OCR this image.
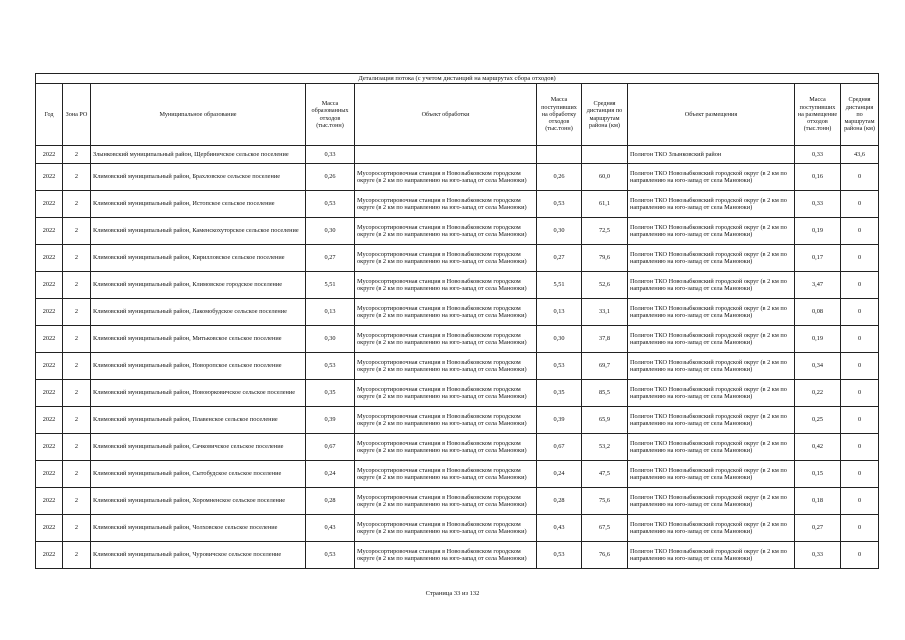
Детализация потока (с учетом дистанций на маршрутах сбора отходов)									
Год	Зона РО	Муниципальное образование	Масса образованных отходов (тыс.тонн)	Объект обработки	Масса поступивших на обработку отходов (тыс.тонн)	Средняя дистанция по маршрутам района (км)	Объект размещения	Масса поступивших на размещение отходов (тыс.тонн)	Средняя дистанция по маршрутам района (км)
2022	2	Злынковский муниципальный район, Щербиничское сельское поселение	0,33				Полигон ТКО Злынковский район	0,33	43,6
2022	2	Климовский муниципальный район, Брахловское сельское поселение	0,26	Мусоросортировочная станция в Новозыбковском городском округе (в 2 км по направлению на юго-запад от села Маноюки)	0,26	60,0	Полигон ТКО Новозыбковский городской округ (в 2 км по направлению на юго-запад от села Маноюки)	0,16	0
2022	2	Климовский муниципальный район, Истопское сельское поселение	0,53	Мусоросортировочная станция в Новозыбковском городском округе (в 2 км по направлению на юго-запад от села Маноюки)	0,53	61,1	Полигон ТКО Новозыбковский городской округ (в 2 км по направлению на юго-запад от села Маноюки)	0,33	0
2022	2	Климовский муниципальный район, Каменскохуторское сельское поселение	0,30	Мусоросортировочная станция в Новозыбковском городском округе (в 2 км по направлению на юго-запад от села Маноюки)	0,30	72,5	Полигон ТКО Новозыбковский городской округ (в 2 км по направлению на юго-запад от села Маноюки)	0,19	0
2022	2	Климовский муниципальный район, Кирилловское сельское поселение	0,27	Мусоросортировочная станция в Новозыбковском городском округе (в 2 км по направлению на юго-запад от села Маноюки)	0,27	79,6	Полигон ТКО Новозыбковский городской округ (в 2 км по направлению на юго-запад от села Маноюки)	0,17	0
2022	2	Климовский муниципальный район, Климовское городское поселение	5,51	Мусоросортировочная станция в Новозыбковском городском округе (в 2 км по направлению на юго-запад от села Маноюки)	5,51	52,6	Полигон ТКО Новозыбковский городской округ (в 2 км по направлению на юго-запад от села Маноюки)	3,47	0
2022	2	Климовский муниципальный район, Лакомобудское сельское поселение	0,13	Мусоросортировочная станция в Новозыбковском городском округе (в 2 км по направлению на юго-запад от села Маноюки)	0,13	33,1	Полигон ТКО Новозыбковский городской округ (в 2 км по направлению на юго-запад от села Маноюки)	0,08	0
2022	2	Климовский муниципальный район, Митьковское сельское поселение	0,30	Мусоросортировочная станция в Новозыбковском городском округе (в 2 км по направлению на юго-запад от села Маноюки)	0,30	37,8	Полигон ТКО Новозыбковский городской округ (в 2 км по направлению на юго-запад от села Маноюки)	0,19	0
2022	2	Климовский муниципальный район, Новоропское сельское поселение	0,53	Мусоросортировочная станция в Новозыбковском городском округе (в 2 км по направлению на юго-запад от села Маноюки)	0,53	69,7	Полигон ТКО Новозыбковский городской округ (в 2 км по направлению на юго-запад от села Маноюки)	0,34	0
2022	2	Климовский муниципальный район, Новоюрковичское сельское поселение	0,35	Мусоросортировочная станция в Новозыбковском городском округе (в 2 км по направлению на юго-запад от села Маноюки)	0,35	85,5	Полигон ТКО Новозыбковский городской округ (в 2 км по направлению на юго-запад от села Маноюки)	0,22	0
2022	2	Климовский муниципальный район, Плавенское сельское поселение	0,39	Мусоросортировочная станция в Новозыбковском городском округе (в 2 км по направлению на юго-запад от села Маноюки)	0,39	65,9	Полигон ТКО Новозыбковский городской округ (в 2 км по направлению на юго-запад от села Маноюки)	0,25	0
2022	2	Климовский муниципальный район, Сачковичское сельское поселение	0,67	Мусоросортировочная станция в Новозыбковском городском округе (в 2 км по направлению на юго-запад от села Маноюки)	0,67	53,2	Полигон ТКО Новозыбковский городской округ (в 2 км по направлению на юго-запад от села Маноюки)	0,42	0
2022	2	Климовский муниципальный район, Сытобудское сельское поселение	0,24	Мусоросортировочная станция в Новозыбковском городском округе (в 2 км по направлению на юго-запад от села Маноюки)	0,24	47,5	Полигон ТКО Новозыбковский городской округ (в 2 км по направлению на юго-запад от села Маноюки)	0,15	0
2022	2	Климовский муниципальный район, Хоромненское сельское поселение	0,28	Мусоросортировочная станция в Новозыбковском городском округе (в 2 км по направлению на юго-запад от села Маноюки)	0,28	75,6	Полигон ТКО Новозыбковский городской округ (в 2 км по направлению на юго-запад от села Маноюки)	0,18	0
2022	2	Климовский муниципальный район, Чолховское сельское поселение	0,43	Мусоросортировочная станция в Новозыбковском городском округе (в 2 км по направлению на юго-запад от села Маноюки)	0,43	67,5	Полигон ТКО Новозыбковский городской округ (в 2 км по направлению на юго-запад от села Маноюки)	0,27	0
2022	2	Климовский муниципальный район, Чуровичское сельское поселение	0,53	Мусоросортировочная станция в Новозыбковском городском округе (в 2 км по направлению на юго-запад от села Маноюки)	0,53	76,6	Полигон ТКО Новозыбковский городской округ (в 2 км по направлению на юго-запад от села Маноюки)	0,33	0
Страница 33 из 132
